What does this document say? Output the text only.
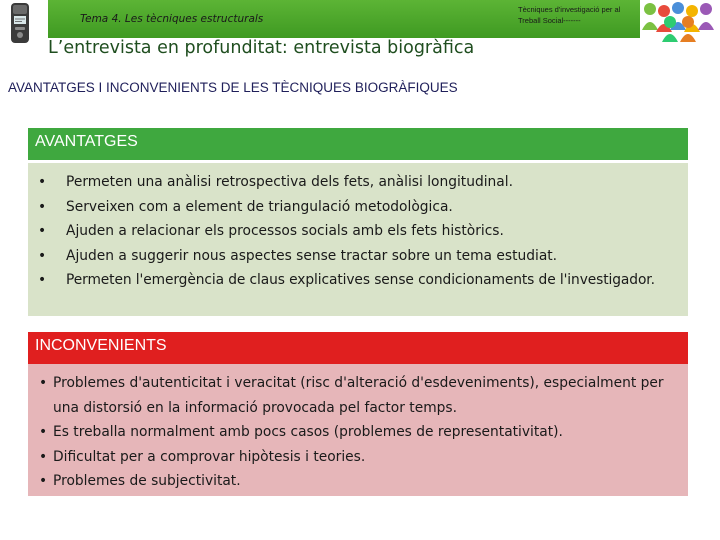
Tema 4. Les tècniques estructurals
Tècniques d'investigació per al Treball Social-------
L’entrevista en profunditat: entrevista biogràfica
AVANTATGES I INCONVENIENTS DE LES TÈCNIQUES BIOGRÀFIQUES
AVANTATGES
• Permeten una anàlisi retrospectiva dels fets, anàlisi longitudinal.
• Serveixen com a element de triangulació metodològica.
• Ajuden a relacionar els processos socials amb els fets històrics.
• Ajuden a suggerir nous aspectes sense tractar sobre un tema estudiat.
• Permeten l'emergència de claus explicatives sense condicionaments de l'investigador.
INCONVENIENTS
• Problemes d'autenticitat i veracitat (risc d'alteració d'esdeveniments), especialment per una distorsió en la informació provocada pel factor temps.
• Es treballa normalment amb pocs casos (problemes de representativitat).
• Dificultat per a comprovar hipòtesis i teories.
• Problemes de subjectivitat.
